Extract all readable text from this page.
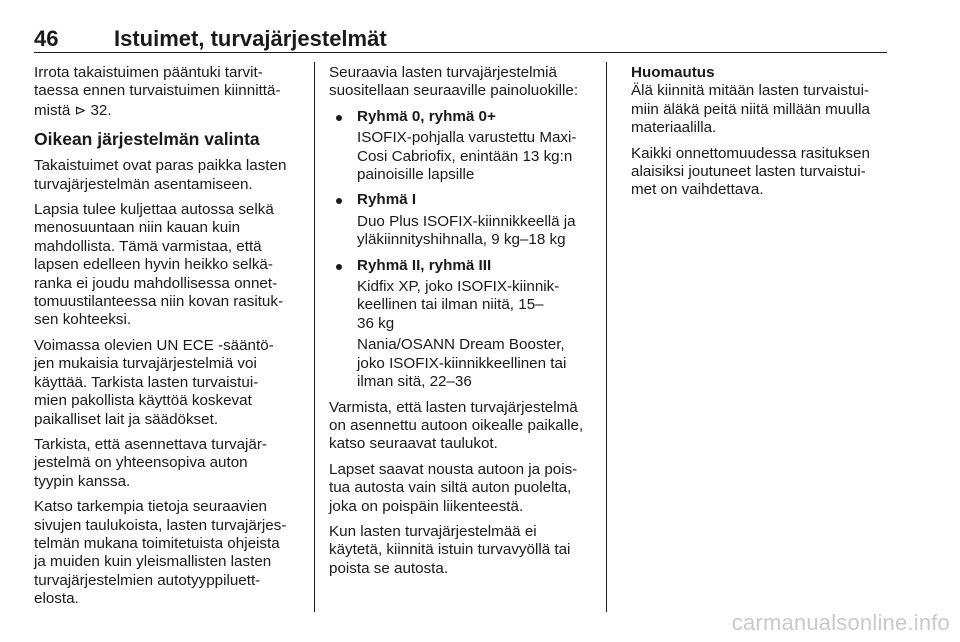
46	Istuimet, turvajärjestelmät

Irrota takaistuimen pääntuki tarvit-
taessa ennen turvaistuimen kiinnittä-
mistä ⊳ 32.

Oikean järjestelmän valinta

Takaistuimet ovat paras paikka lasten
turvajärjestelmän asentamiseen.

Lapsia tulee kuljettaa autossa selkä
menosuuntaan niin kauan kuin
mahdollista. Tämä varmistaa, että
lapsen edelleen hyvin heikko selkä-
ranka ei joudu mahdollisessa onnet-
tomuustilanteessa niin kovan rasituk-
sen kohteeksi.

Voimassa olevien UN ECE -sääntö-
jen mukaisia turvajärjestelmiä voi
käyttää. Tarkista lasten turvaistui-
mien pakollista käyttöä koskevat
paikalliset lait ja säädökset.

Tarkista, että asennettava turvajär-
jestelmä on yhteensopiva auton
tyypin kanssa.

Katso tarkempia tietoja seuraavien
sivujen taulukoista, lasten turvajärjes-
telmän mukana toimitetuista ohjeista
ja muiden kuin yleismallisten lasten
turvajärjestelmien autotyyppiluett-
elosta.

Seuraavia lasten turvajärjestelmiä
suositellaan seuraaville painoluokille:

Ryhmä 0, ryhmä 0+
ISOFIX-pohjalla varustettu Maxi-
Cosi Cabriofix, enintään 13 kg:n
painoisille lapsille
Ryhmä I
Duo Plus ISOFIX-kiinnikkeellä ja
yläkiinnityshihnalla, 9 kg–18 kg
Ryhmä II, ryhmä III
Kidfix XP, joko ISOFIX-kiinnik-
keellinen tai ilman niitä, 15–
36 kg
Nania/OSANN Dream Booster,
joko ISOFIX-kiinnikkeellinen tai
ilman sitä, 22–36

Varmista, että lasten turvajärjestelmä
on asennettu autoon oikealle paikalle,
katso seuraavat taulukot.

Lapset saavat nousta autoon ja pois-
tua autosta vain siltä auton puolelta,
joka on poispäin liikenteestä.

Kun lasten turvajärjestelmää ei
käytetä, kiinnitä istuin turvavyöllä tai
poista se autosta.

Huomautus

Älä kiinnitä mitään lasten turvaistui-
miin äläkä peitä niitä millään muulla
materiaalilla.

Kaikki onnettomuudessa rasituksen
alaisiksi joutuneet lasten turvaistui-
met on vaihdettava.

carmanualsonline.info
